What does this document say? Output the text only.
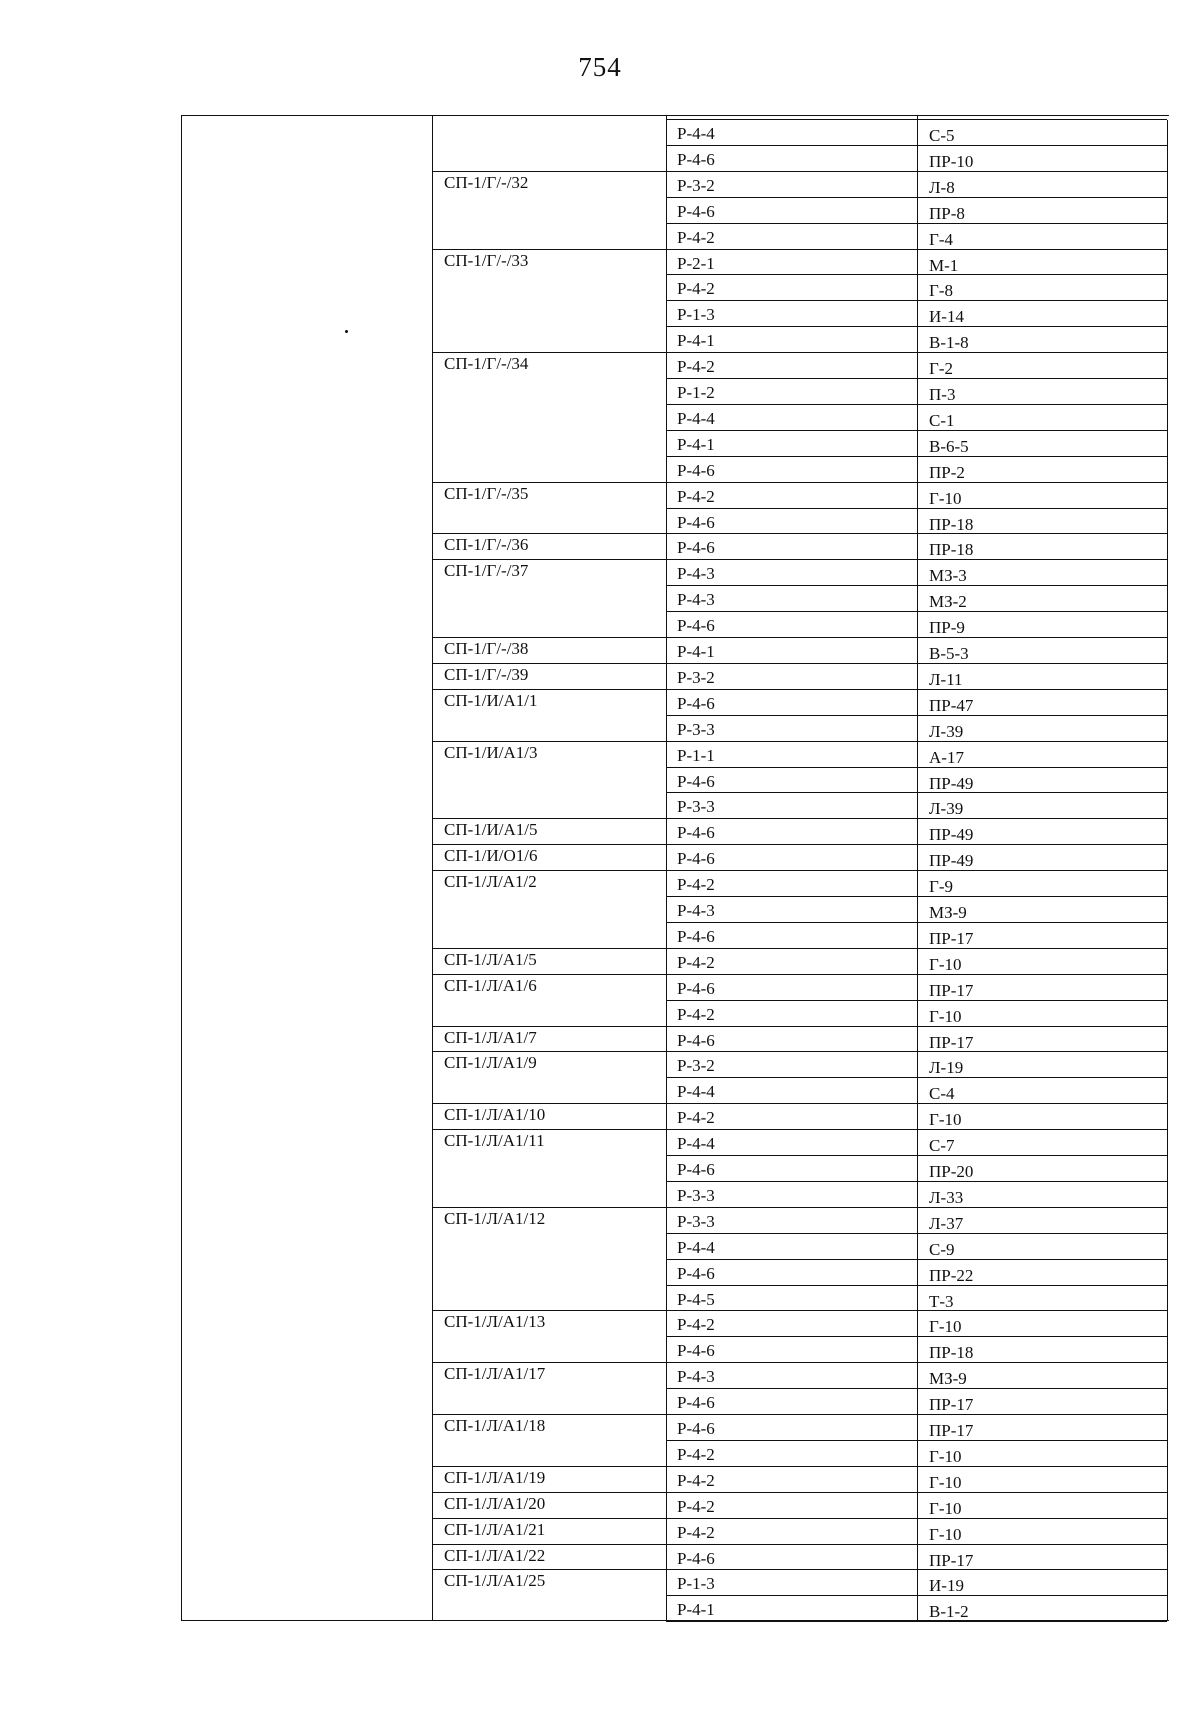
754
Р-4-4	С-5
Р-4-6	ПР-10
СП-1/Г/-/32	Р-3-2	Л-8
Р-4-6	ПР-8
Р-4-2	Г-4
СП-1/Г/-/33	Р-2-1	М-1
Р-4-2	Г-8
Р-1-3	И-14
Р-4-1	В-1-8
СП-1/Г/-/34	Р-4-2	Г-2
Р-1-2	П-3
Р-4-4	С-1
Р-4-1	В-6-5
Р-4-6	ПР-2
СП-1/Г/-/35	Р-4-2	Г-10
Р-4-6	ПР-18
СП-1/Г/-/36	Р-4-6	ПР-18
СП-1/Г/-/37	Р-4-3	МЗ-3
Р-4-3	МЗ-2
Р-4-6	ПР-9
СП-1/Г/-/38	Р-4-1	В-5-3
СП-1/Г/-/39	Р-3-2	Л-11
СП-1/И/А1/1	Р-4-6	ПР-47
Р-3-3	Л-39
СП-1/И/А1/3	Р-1-1	А-17
Р-4-6	ПР-49
Р-3-3	Л-39
СП-1/И/А1/5	Р-4-6	ПР-49
СП-1/И/О1/6	Р-4-6	ПР-49
СП-1/Л/А1/2	Р-4-2	Г-9
Р-4-3	МЗ-9
Р-4-6	ПР-17
СП-1/Л/А1/5	Р-4-2	Г-10
СП-1/Л/А1/6	Р-4-6	ПР-17
Р-4-2	Г-10
СП-1/Л/А1/7	Р-4-6	ПР-17
СП-1/Л/А1/9	Р-3-2	Л-19
Р-4-4	С-4
СП-1/Л/А1/10	Р-4-2	Г-10
СП-1/Л/А1/11	Р-4-4	С-7
Р-4-6	ПР-20
Р-3-3	Л-33
СП-1/Л/А1/12	Р-3-3	Л-37
Р-4-4	С-9
Р-4-6	ПР-22
Р-4-5	Т-3
СП-1/Л/А1/13	Р-4-2	Г-10
Р-4-6	ПР-18
СП-1/Л/А1/17	Р-4-3	МЗ-9
Р-4-6	ПР-17
СП-1/Л/А1/18	Р-4-6	ПР-17
Р-4-2	Г-10
СП-1/Л/А1/19	Р-4-2	Г-10
СП-1/Л/А1/20	Р-4-2	Г-10
СП-1/Л/А1/21	Р-4-2	Г-10
СП-1/Л/А1/22	Р-4-6	ПР-17
СП-1/Л/А1/25	Р-1-3	И-19
Р-4-1	В-1-2
